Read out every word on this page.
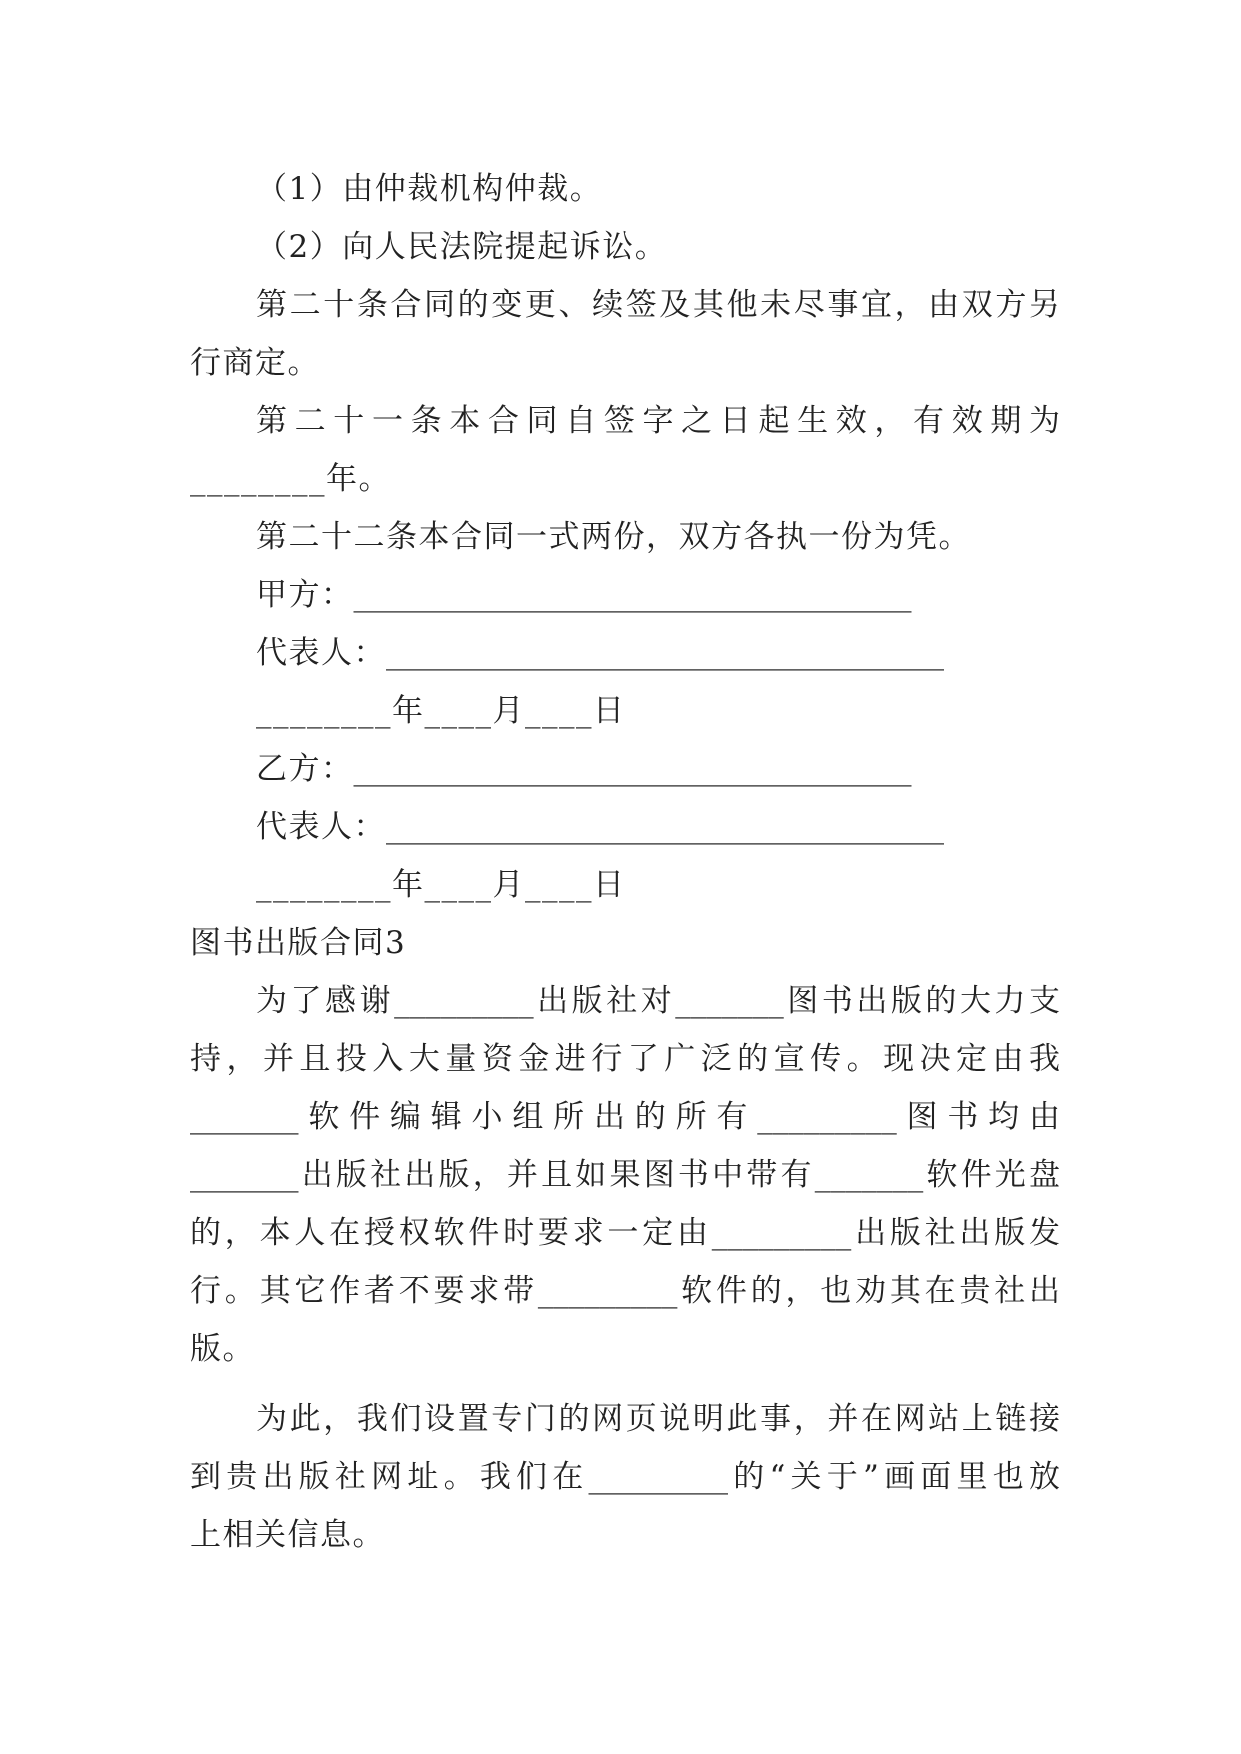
（1）由仲裁机构仲裁。
（2）向人民法院提起诉讼。
第二十条合同的变更、续签及其他未尽事宜，由双方另
行商定。
第二十一条本合同自签字之日起生效，有效期为
________年。
第二十二条本合同一式两份，双方各执一份为凭。
甲方：____________________________________
代表人：____________________________________
________年____月____日
乙方：____________________________________
代表人：____________________________________
________年____月____日
图书出版合同3
为了感谢_________出版社对_______图书出版的大力支
持，并且投入大量资金进行了广泛的宣传。现决定由我
_______软件编辑小组所出的所有_________图书均由
_______出版社出版，并且如果图书中带有_______软件光盘
的，本人在授权软件时要求一定由_________出版社出版发
行。其它作者不要求带_________软件的，也劝其在贵社出
版。
为此，我们设置专门的网页说明此事，并在网站上链接
到贵出版社网址。我们在_________的“关于”画面里也放
上相关信息。
